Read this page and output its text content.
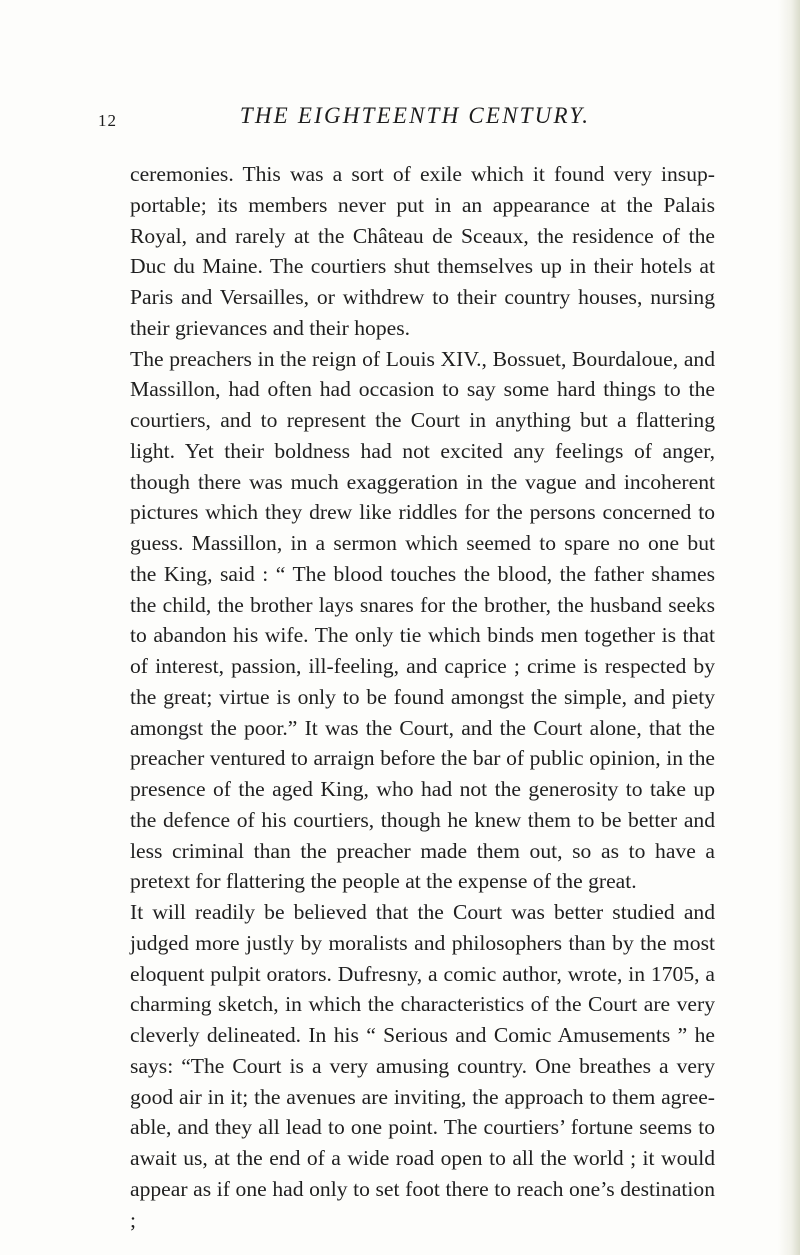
12	THE EIGHTEENTH CENTURY.

ceremonies. This was a sort of exile which it found very insup-portable; its members never put in an appearance at the Palais Royal, and rarely at the Château de Sceaux, the residence of the Duc du Maine. The courtiers shut themselves up in their hotels at Paris and Versailles, or withdrew to their country houses, nursing their grievances and their hopes.

The preachers in the reign of Louis XIV., Bossuet, Bourdaloue, and Massillon, had often had occasion to say some hard things to the courtiers, and to represent the Court in anything but a flattering light. Yet their boldness had not excited any feelings of anger, though there was much exaggeration in the vague and incoherent pictures which they drew like riddles for the persons concerned to guess. Massillon, in a sermon which seemed to spare no one but the King, said : “ The blood touches the blood, the father shames the child, the brother lays snares for the brother, the husband seeks to abandon his wife. The only tie which binds men together is that of interest, passion, ill-feeling, and caprice ; crime is respected by the great; virtue is only to be found amongst the simple, and piety amongst the poor.” It was the Court, and the Court alone, that the preacher ventured to arraign before the bar of public opinion, in the presence of the aged King, who had not the generosity to take up the defence of his courtiers, though he knew them to be better and less criminal than the preacher made them out, so as to have a pretext for flattering the people at the expense of the great.

It will readily be believed that the Court was better studied and judged more justly by moralists and philosophers than by the most eloquent pulpit orators. Dufresny, a comic author, wrote, in 1705, a charming sketch, in which the characteristics of the Court are very cleverly delineated. In his “ Serious and Comic Amusements ” he says: “The Court is a very amusing country. One breathes a very good air in it; the avenues are inviting, the approach to them agree-able, and they all lead to one point. The courtiers’ fortune seems to await us, at the end of a wide road open to all the world ; it would appear as if one had only to set foot there to reach one’s destination ;
